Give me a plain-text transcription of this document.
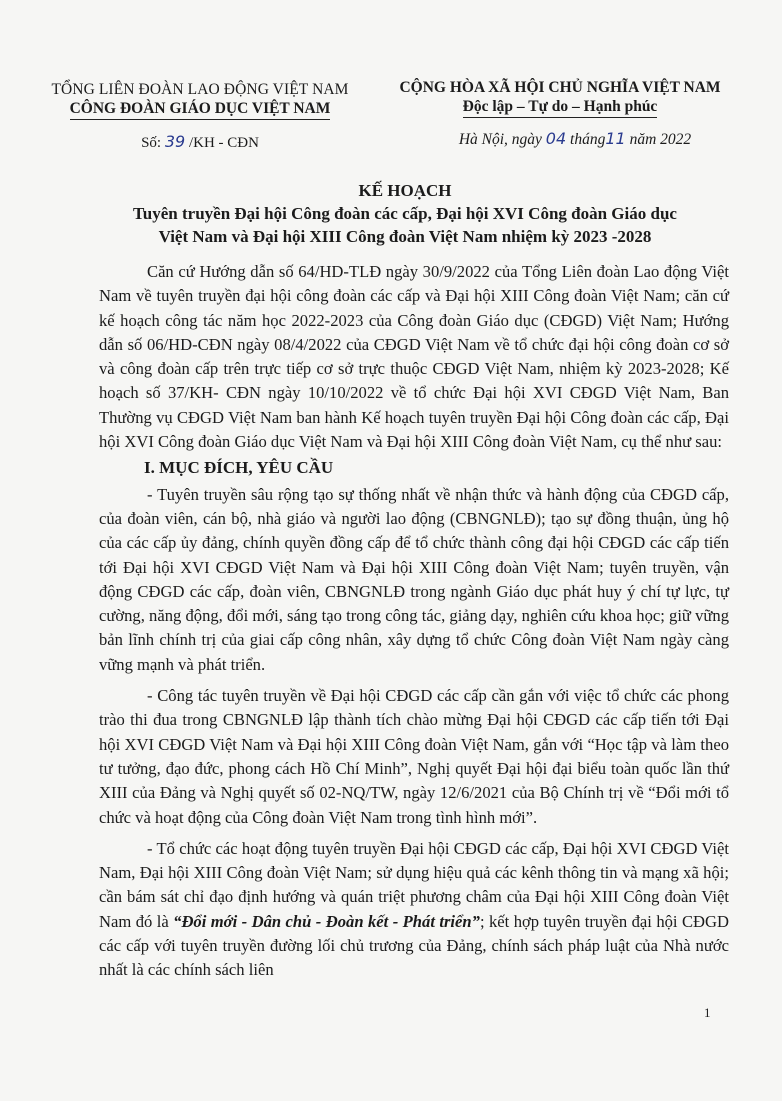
TỔNG LIÊN ĐOÀN LAO ĐỘNG VIỆT NAM
CÔNG ĐOÀN GIÁO DỤC VIỆT NAM
Số: 39 /KH - CĐN
CỘNG HÒA XÃ HỘI CHỦ NGHĨA VIỆT NAM
Độc lập – Tự do – Hạnh phúc
Hà Nội, ngày 04 tháng11 năm 2022
KẾ HOẠCH
Tuyên truyền Đại hội Công đoàn các cấp, Đại hội XVI Công đoàn Giáo dục
Việt Nam và Đại hội XIII Công đoàn Việt Nam nhiệm kỳ 2023 -2028

Căn cứ Hướng dẫn số 64/HD-TLĐ ngày 30/9/2022 của Tổng Liên đoàn Lao động Việt Nam về tuyên truyền đại hội công đoàn các cấp và Đại hội XIII Công đoàn Việt Nam; căn cứ kế hoạch công tác năm học 2022-2023 của Công đoàn Giáo dục (CĐGD) Việt Nam; Hướng dẫn số 06/HD-CĐN ngày 08/4/2022 của CĐGD Việt Nam về tổ chức đại hội công đoàn cơ sở và công đoàn cấp trên trực tiếp cơ sở trực thuộc CĐGD Việt Nam, nhiệm kỳ 2023-2028; Kế hoạch số 37/KH- CĐN ngày 10/10/2022 về tổ chức Đại hội XVI CĐGD Việt Nam, Ban Thường vụ CĐGD Việt Nam ban hành Kế hoạch tuyên truyền Đại hội Công đoàn các cấp, Đại hội XVI Công đoàn Giáo dục Việt Nam và Đại hội XIII Công đoàn Việt Nam, cụ thể như sau:

I. MỤC ĐÍCH, YÊU CẦU

- Tuyên truyền sâu rộng tạo sự thống nhất về nhận thức và hành động của CĐGD cấp, của đoàn viên, cán bộ, nhà giáo và người lao động (CBNGNLĐ); tạo sự đồng thuận, ủng hộ của các cấp ủy đảng, chính quyền đồng cấp để tổ chức thành công đại hội CĐGD các cấp tiến tới Đại hội XVI CĐGD Việt Nam và Đại hội XIII Công đoàn Việt Nam; tuyên truyền, vận động CĐGD các cấp, đoàn viên, CBNGNLĐ trong ngành Giáo dục phát huy ý chí tự lực, tự cường, năng động, đổi mới, sáng tạo trong công tác, giảng dạy, nghiên cứu khoa học; giữ vững bản lĩnh chính trị của giai cấp công nhân, xây dựng tổ chức Công đoàn Việt Nam ngày càng vững mạnh và phát triển.

- Công tác tuyên truyền về Đại hội CĐGD các cấp cần gắn với việc tổ chức các phong trào thi đua trong CBNGNLĐ lập thành tích chào mừng Đại hội CĐGD các cấp tiến tới Đại hội XVI CĐGD Việt Nam và Đại hội XIII Công đoàn Việt Nam, gắn với “Học tập và làm theo tư tưởng, đạo đức, phong cách Hồ Chí Minh”, Nghị quyết Đại hội đại biểu toàn quốc lần thứ XIII của Đảng và Nghị quyết số 02-NQ/TW, ngày 12/6/2021 của Bộ Chính trị về “Đổi mới tổ chức và hoạt động của Công đoàn Việt Nam trong tình hình mới”.

- Tổ chức các hoạt động tuyên truyền Đại hội CĐGD các cấp, Đại hội XVI CĐGD Việt Nam, Đại hội XIII Công đoàn Việt Nam; sử dụng hiệu quả các kênh thông tin và mạng xã hội; cần bám sát chỉ đạo định hướng và quán triệt phương châm của Đại hội XIII Công đoàn Việt Nam đó là “Đổi mới - Dân chủ - Đoàn kết - Phát triển”; kết hợp tuyên truyền đại hội CĐGD các cấp với tuyên truyền đường lối chủ trương của Đảng, chính sách pháp luật của Nhà nước nhất là các chính sách liên

1
